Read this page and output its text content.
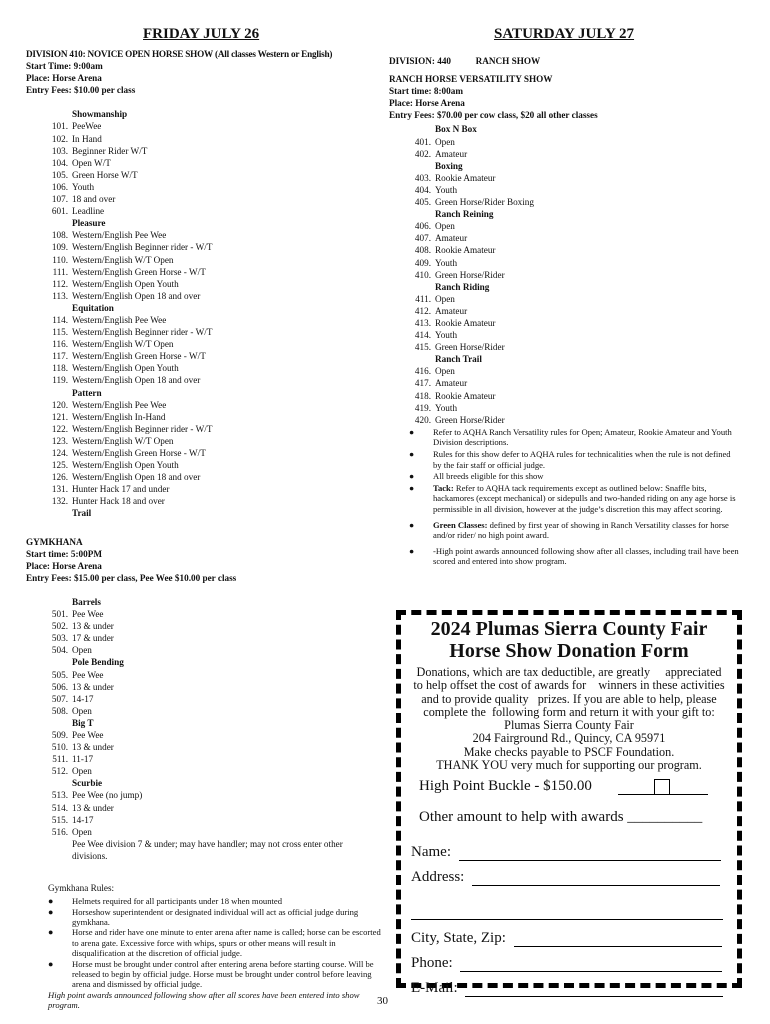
FRIDAY JULY 26	SATURDAY JULY 27
DIVISION 410: NOVICE OPEN HORSE SHOW (All classes Western or English)
Start Time: 9:00am
Place: Horse Arena
Entry Fees: $10.00 per class
Showmanship
101. PeeWee
102. In Hand
103. Beginner Rider W/T
104. Open W/T
105. Green Horse W/T
106. Youth
107. 18 and over
601. Leadline
Pleasure
108. Western/English Pee Wee
109. Western/English Beginner rider - W/T
110. Western/English W/T Open
111. Western/English Green Horse - W/T
112. Western/English Open Youth
113. Western/English Open 18 and over
Equitation
114. Western/English Pee Wee
115. Western/English Beginner rider - W/T
116. Western/English W/T Open
117. Western/English Green Horse - W/T
118. Western/English Open Youth
119. Western/English Open 18 and over
Pattern
120. Western/English Pee Wee
121. Western/English In-Hand
122. Western/English Beginner rider - W/T
123. Western/English W/T Open
124. Western/English Green Horse - W/T
125. Western/English Open Youth
126. Western/English Open 18 and over
131. Hunter Hack 17 and under
132. Hunter Hack 18 and over
Trail
GYMKHANA
Start time: 5:00PM
Place: Horse Arena
Entry Fees: $15.00 per class, Pee Wee $10.00 per class
Barrels
501. Pee Wee
502. 13 & under
503. 17 & under
504. Open
Pole Bending
505. Pee Wee
506. 13 & under
507. 14-17
508. Open
Big T
509. Pee Wee
510. 13 & under
511. 11-17
512. Open
Scurbie
513. Pee Wee (no jump)
514. 13 & under
515. 14-17
516. Open
Pee Wee division 7 & under; may have handler; may not cross enter other divisions.
Gymkhana Rules:
●	Helmets required for all participants under 18 when mounted
●	Horseshow superintendent or designated individual will act as official judge during gymkhana.
●	Horse and rider have one minute to enter arena after name is called; horse can be escorted to arena gate. Excessive force with whips, spurs or other means will result in disqualification at the discretion of official judge.
●	Horse must be brought under control after entering arena before starting course. Will be released to begin by official judge. Horse must be brought under control before leaving arena and dismissed by official judge.
High point awards announced following show after all scores have been entered into show program.
DIVISION: 440	RANCH SHOW
RANCH HORSE VERSATILITY SHOW
Start time: 8:00am
Place: Horse Arena
Entry Fees: $70.00 per cow class, $20 all other classes
Box N Box
401. Open
402. Amateur
Boxing
403. Rookie Amateur
404. Youth
405. Green Horse/Rider Boxing
Ranch Reining
406. Open
407. Amateur
408. Rookie Amateur
409. Youth
410. Green Horse/Rider
Ranch Riding
411. Open
412. Amateur
413. Rookie Amateur
414. Youth
415. Green Horse/Rider
Ranch Trail
416. Open
417. Amateur
418. Rookie Amateur
419. Youth
420. Green Horse/Rider
●	Refer to AQHA Ranch Versatility rules for Open; Amateur, Rookie Amateur and Youth Division descriptions.
●	Rules for this show defer to AQHA rules for technicalities when the rule is not defined by the fair staff or official judge.
●	All breeds eligible for this show
●	Tack: Refer to AQHA tack requirements except as outlined below: Snaffle bits, hackamores (except mechanical) or sidepulls and two-handed riding on any age horse is permissible in all division, however at the judge’s discretion this may affect scoring.
●	Green Classes: defined by first year of showing in Ranch Versatility classes for horse and/or rider/ no high point award.
●	-High point awards announced following show after all classes, including trail have been scored and entered into show program.
2024 Plumas Sierra County Fair
Horse Show Donation Form
Donations, which are tax deductible, are greatly     appreciated
to help offset the cost of awards for    winners in these activities
and to provide quality   prizes. If you are able to help, please
complete the  following form and return it with your gift to:
Plumas Sierra County Fair
204 Fairground Rd., Quincy, CA 95971
Make checks payable to PSCF Foundation.
THANK YOU very much for supporting our program.
High Point Buckle - $150.00
Other amount to help with awards __________
Name:
Address:
City, State, Zip:
Phone:
E-Mail:
30
